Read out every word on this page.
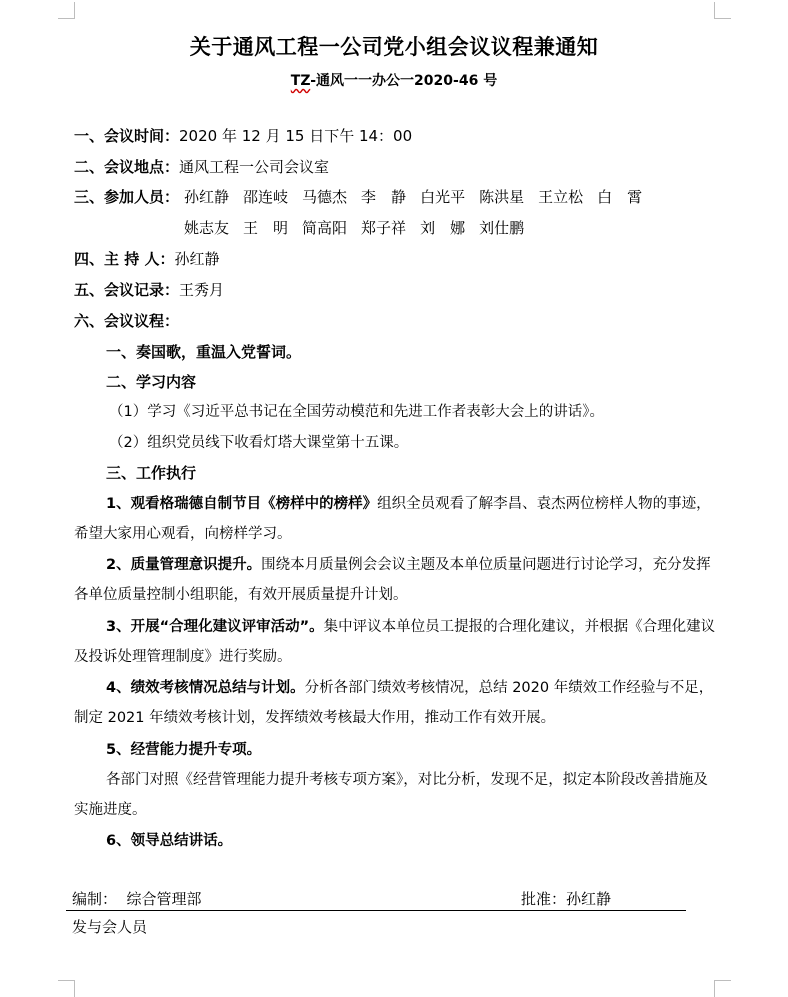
关于通风工程一公司党小组会议议程兼通知
TZ-通风一一办公一2020-46 号
一、会议时间：2020 年 12 月 15 日下午 14：00
二、会议地点：通风工程一公司会议室
三、参加人员： 孙红静 邵连岐 马德杰 李　静 白光平 陈洪星 王立松 白　霄
姚志友 王　明 简高阳 郑子祥 刘　娜 刘仕鹏
四、主 持 人：孙红静
五、会议记录：王秀月
六、会议议程：
一、奏国歌，重温入党誓词。
二、学习内容
（1）学习《习近平总书记在全国劳动模范和先进工作者表彰大会上的讲话》。
（2）组织党员线下收看灯塔大课堂第十五课。
三、工作执行
1、观看格瑞德自制节目《榜样中的榜样》组织全员观看了解李昌、袁杰两位榜样人物的事迹，希望大家用心观看，向榜样学习。
2、质量管理意识提升。围绕本月质量例会会议主题及本单位质量问题进行讨论学习，充分发挥各单位质量控制小组职能，有效开展质量提升计划。
3、开展“合理化建议评审活动”。集中评议本单位员工提报的合理化建议，并根据《合理化建议及投诉处理管理制度》进行奖励。
4、绩效考核情况总结与计划。分析各部门绩效考核情况，总结 2020 年绩效工作经验与不足，制定 2021 年绩效考核计划，发挥绩效考核最大作用，推动工作有效开展。
5、经营能力提升专项。
各部门对照《经营管理能力提升考核专项方案》，对比分析，发现不足，拟定本阶段改善措施及实施进度。
6、领导总结讲话。
编制：  综合管理部	批准：孙红静
发与会人员
